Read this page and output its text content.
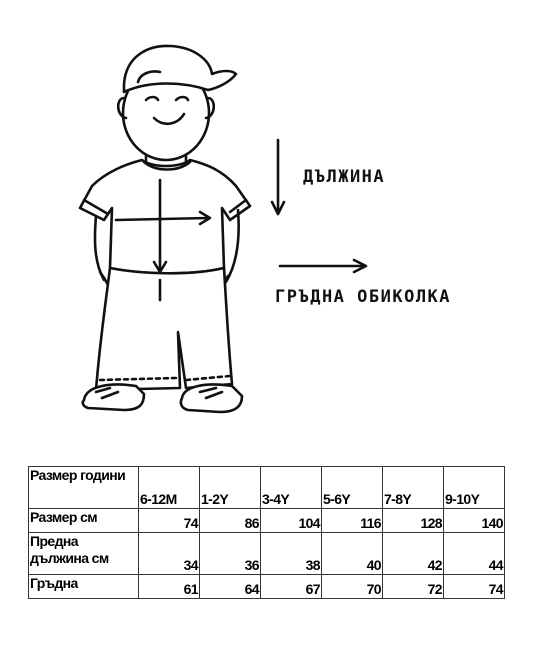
ДЪЛЖИНА
ГРЪДНА ОБИКОЛКА
Размер години	6-12M	1-2Y	3-4Y	5-6Y	7-8Y	9-10Y
Размер см	74	86	104	116	128	140
Предна дължина см	34	36	38	40	42	44
Гръдна	61	64	67	70	72	74
